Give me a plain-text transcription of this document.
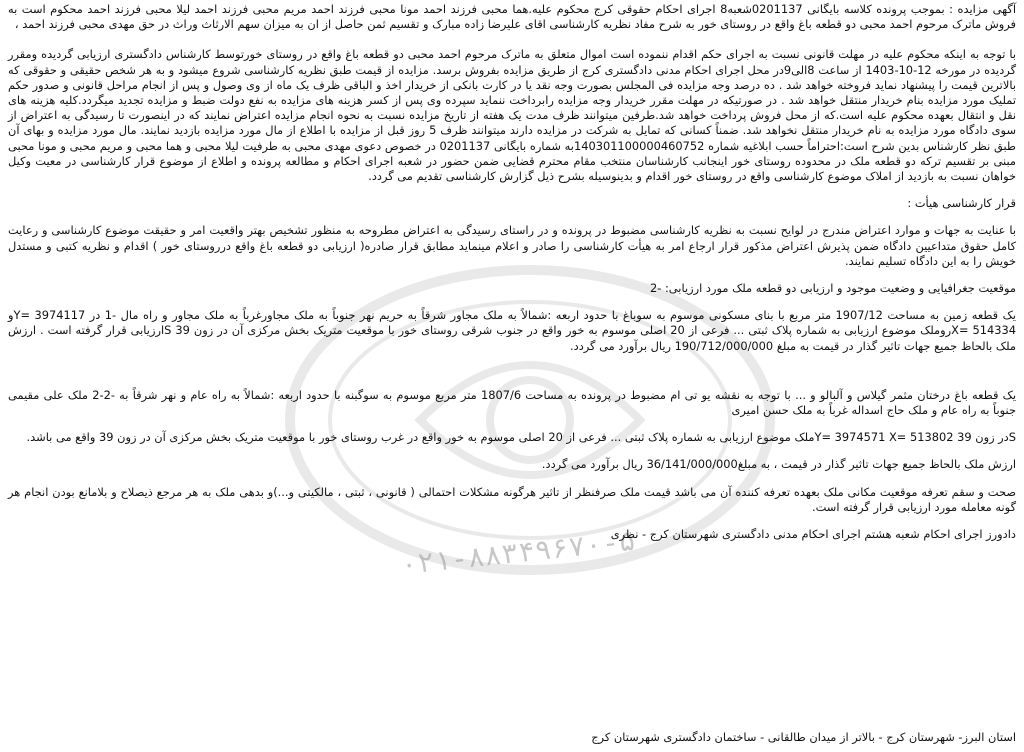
۰۲۱-۸۸۳۴۹۶۷۰-۵

آگهی مزایده : بموجب پرونده کلاسه بایگانی 0201137شعبه8 اجرای احکام حقوقی کرج محکوم علیه.هما محبی فرزند احمد مونا محبی فرزند احمد مریم محبی فرزند احمد لیلا محبی فرزند احمد محکوم است به فروش ماترک مرحوم احمد محبی دو قطعه باغ واقع در روستای خور به شرح مفاد نظریه کارشناسی اقای علیرضا زاده مبارک و تقسیم ثمن حاصل از ان به میزان سهم الارثاث وراث در حق مهدی محبی فرزند احمد ،

با توجه به اینکه محکوم علیه در مهلت قانونی نسبت به اجرای حکم اقدام ننموده است اموال متعلق به ماترک مرحوم احمد محبی دو قطعه باغ واقع در روستای خورتوسط کارشناس دادگستری ارزیابی گردیده ومقرر گردیده در مورخه 12-10-1403 از ساعت 8الی9در محل اجرای احکام مدنی دادگستری کرج از طریق مزایده بفروش برسد. مزایده از قیمت طبق نظریه کارشناسی شروع میشود و به هر شخص حقیقی و حقوقی که بالاترین قیمت را پیشنهاد نماید فروخته خواهد شد . ده درصد وجه مزایده فی المجلس بصورت وجه نقد یا در کارت بانکی از خریدار اخذ و الباقی ظرف یک ماه از وی وصول و پس از انجام مراحل قانونی و صدور حکم تملیک مورد مزایده بنام خریدار منتقل خواهد شد . در صورتیکه در مهلت مقرر خریدار وجه مزایده رابرداخت ننماید سپرده وی پس از کسر هزینه های مزایده به نفع دولت ضبط و مزایده تجدید میگردد.کلیه هزینه های نقل و انتقال بعهده محکوم علیه است.که از محل فروش پرداخت خواهد شد.طرفین میتوانند ظرف مدت یک هفته از تاریخ مزایده نسبت به نحوه انجام مزایده اعتراض نمایند که در اینصورت تا رسیدگی به اعتراض از سوی دادگاه مورد مزایده به نام خریدار منتقل نخواهد شد. ضمناً کسانی که تمایل به شرکت در مزایده دارند میتوانند ظرف 5 روز قبل از مزایده با اطلاع از مال مورد مزایده بازدید نمایند. مال مورد مزایده و بهای آن طبق نظر کارشناس بدین شرح است:احتراماً حسب ابلاغیه شماره 140301100000460752به شماره بایگانی 0201137 در خصوص دعوی مهدی محبی به طرفیت لیلا محبی و هما محبی و مریم محبی و مونا محبی مبنی بر تقسیم ترکه دو قطعه ملک در محدوده روستای خور اینجانب کارشناسان منتخب مقام محترم قضایی ضمن حضور در شعبه اجرای احکام و مطالعه پرونده و اطلاع از موضوع قرار کارشناسی در معیت وکیل خواهان نسبت به بازدید از املاک موضوع کارشناسی واقع در روستای خور اقدام و بدینوسیله بشرح ذیل گزارش کارشناسی تقدیم می گردد.

قرار کارشناسی هیأت :

با عنایت به جهات و موارد اعتراض مندرج در لوایح نسبت به نظریه کارشناسی مضبوط در پرونده و در راستای رسیدگی به اعتراض مطروحه به منظور تشخیص بهتر واقعیت امر و حقیقت موضوع کارشناسی و رعایت کامل حقوق متداعیین دادگاه ضمن پذیرش اعتراض مذکور قرار ارجاع امر به هیأت کارشناسی را صادر و اعلام مینماید مطابق قرار صادره( ارزیابی دو قطعه باغ واقع درروستای خور ) اقدام و نظریه کتبی و مستدل خویش را به این دادگاه تسلیم نمایند.

موقعیت جغرافیایی و وضعیت موجود و ارزیابی دو قطعه ملک مورد ارزیابی: -2

یک قطعه زمین به مساحت 1907/12 متر مربع با بنای مسکونی موسوم به سوباغ با حدود اربعه :شمالاً به ملک مجاور شرقاً به حریم نهر جنوباً به ملک مجاورغرباً به ملک مجاور و راه مال -1 در 3974117 =Yو 514334 =Xروملک موضوع ارزیابی به شماره پلاک ثبتی ... فرعی از 20 اصلی موسوم به خور واقع در جنوب شرقی روستای خور با موقعیت متریک بخش مرکزی آن در زون 39 Sارزیابی قرار گرفته است . ارزش ملک بالحاظ جمیع جهات تاثیر گذار در قیمت به مبلغ 190/712/000/000 ریال برآورد می گردد.

یک قطعه باغ درختان مثمر گیلاس و آلبالو و ... با توجه به نقشه یو تی ام مضبوط در پرونده به مساحت 1807/6 متر مربع موسوم به سوگبنه با حدود اربعه :شمالاً به راه عام و نهر شرقاً به -2-2 ملک علی مقیمی جنوباً به راه عام و ملک حاج اسداله غرباً به ملک حسن امیری

Sدر زون 39 Y= 3974571 X= 513802ملک موضوع ارزیابی به شماره پلاک ثبتی ... فرعی از 20 اصلی موسوم به خور واقع در غرب روستای خور با موقعیت متریک بخش مرکزی آن در زون 39 واقع می باشد.

ارزش ملک بالحاظ جمیع جهات تاثیر گذار در قیمت ، به مبلغ36/141/000/000 ریال برآورد می گردد.

صحت و سقم تعرفه موقعیت مکانی ملک بعهده تعرفه کننده آن می باشد قیمت ملک صرفنظر از تاثیر هرگونه مشکلات احتمالی ( قانونی ، ثبتی ، مالکیتی و...)و بدهی ملک به هر مرجع ذیصلاح و بلامانع بودن انجام هر گونه معامله مورد ارزیابی قرار گرفته است.

دادورز اجرای احکام شعبه هشتم اجرای احکام مدنی دادگستری شهرستان کرج - نظری

استان البرز- شهرستان کرج - بالاتر از میدان طالقانی - ساختمان دادگستری شهرستان کرج
